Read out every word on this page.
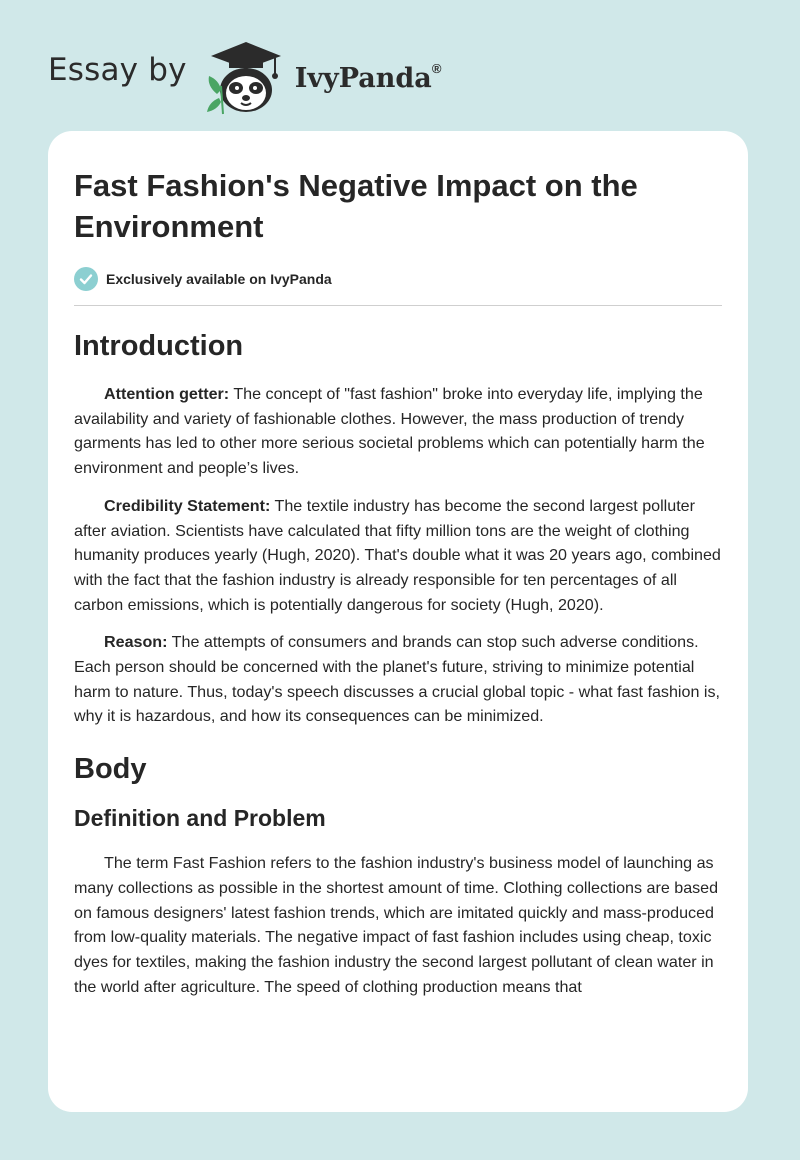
Essay by	IvyPanda®
Fast Fashion's Negative Impact on the Environment
Exclusively available on IvyPanda
Introduction

Attention getter: The concept of "fast fashion" broke into everyday life, implying the availability and variety of fashionable clothes. However, the mass production of trendy garments has led to other more serious societal problems which can potentially harm the environment and people’s lives.

Credibility Statement: The textile industry has become the second largest polluter after aviation. Scientists have calculated that fifty million tons are the weight of clothing humanity produces yearly (Hugh, 2020). That's double what it was 20 years ago, combined with the fact that the fashion industry is already responsible for ten percentages of all carbon emissions, which is potentially dangerous for society (Hugh, 2020).

Reason: The attempts of consumers and brands can stop such adverse conditions. Each person should be concerned with the planet's future, striving to minimize potential harm to nature. Thus, today's speech discusses a crucial global topic - what fast fashion is, why it is hazardous, and how its consequences can be minimized.

Body
Definition and Problem

The term Fast Fashion refers to the fashion industry's business model of launching as many collections as possible in the shortest amount of time. Clothing collections are based on famous designers' latest fashion trends, which are imitated quickly and mass-produced from low-quality materials. The negative impact of fast fashion includes using cheap, toxic dyes for textiles, making the fashion industry the second largest pollutant of clean water in the world after agriculture. The speed of clothing production means that
